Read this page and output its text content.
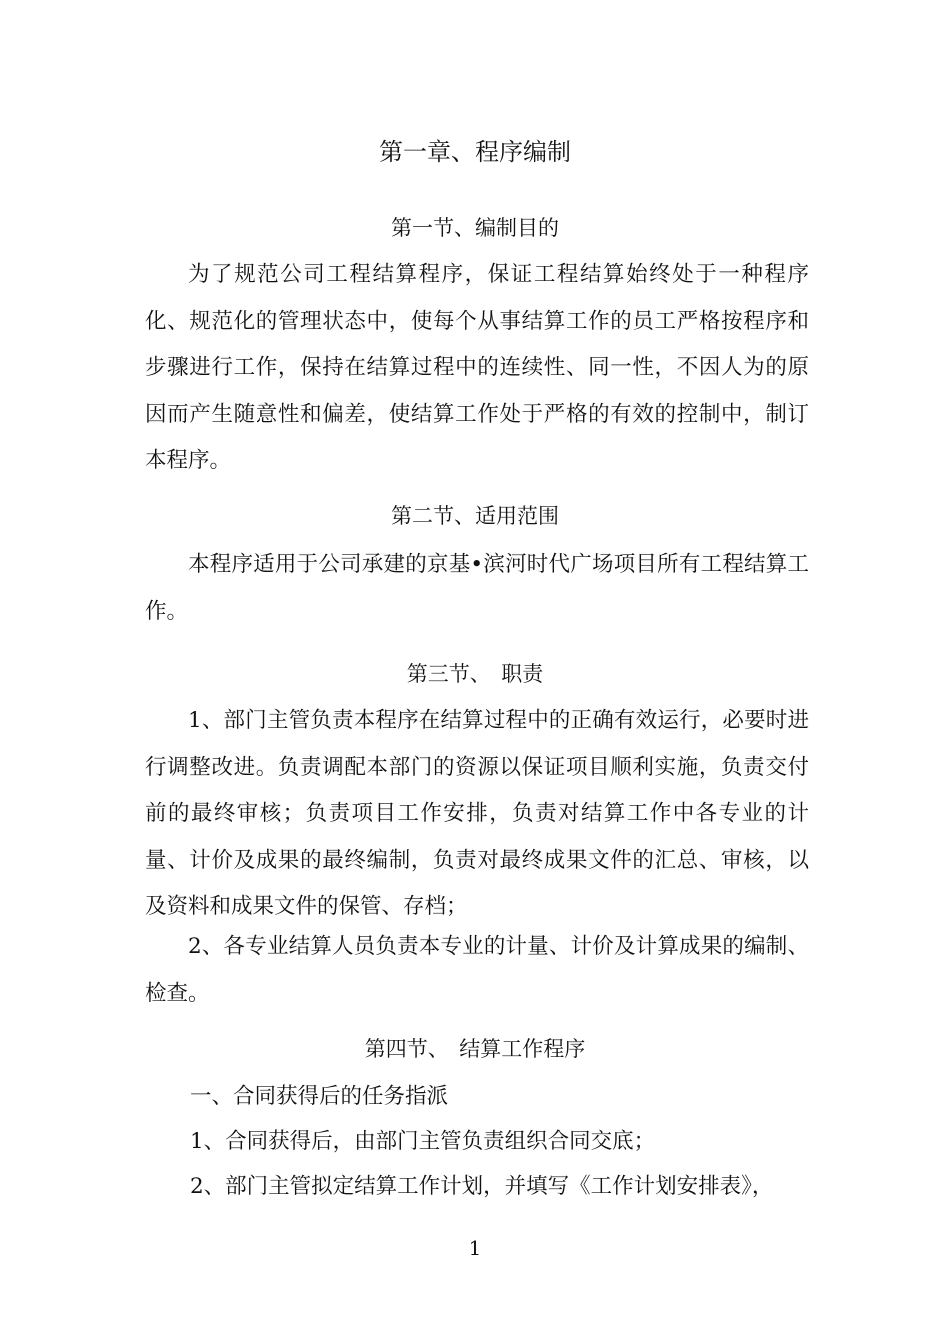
第一章、程序编制
第一节、编制目的

为了规范公司工程结算程序，保证工程结算始终处于一种程序化、规范化的管理状态中，使每个从事结算工作的员工严格按程序和步骤进行工作，保持在结算过程中的连续性、同一性，不因人为的原因而产生随意性和偏差，使结算工作处于严格的有效的控制中，制订本程序。

第二节、适用范围

本程序适用于公司承建的京基•滨河时代广场项目所有工程结算工作。

第三节、　职责

1、部门主管负责本程序在结算过程中的正确有效运行，必要时进行调整改进。负责调配本部门的资源以保证项目顺利实施，负责交付前的最终审核；负责项目工作安排，负责对结算工作中各专业的计量、计价及成果的最终编制，负责对最终成果文件的汇总、审核，以及资料和成果文件的保管、存档；

2、各专业结算人员负责本专业的计量、计价及计算成果的编制、检查。

第四节、　结算工作程序
一、合同获得后的任务指派
1、合同获得后，由部门主管负责组织合同交底；
2、部门主管拟定结算工作计划，并填写《工作计划安排表》，
1
